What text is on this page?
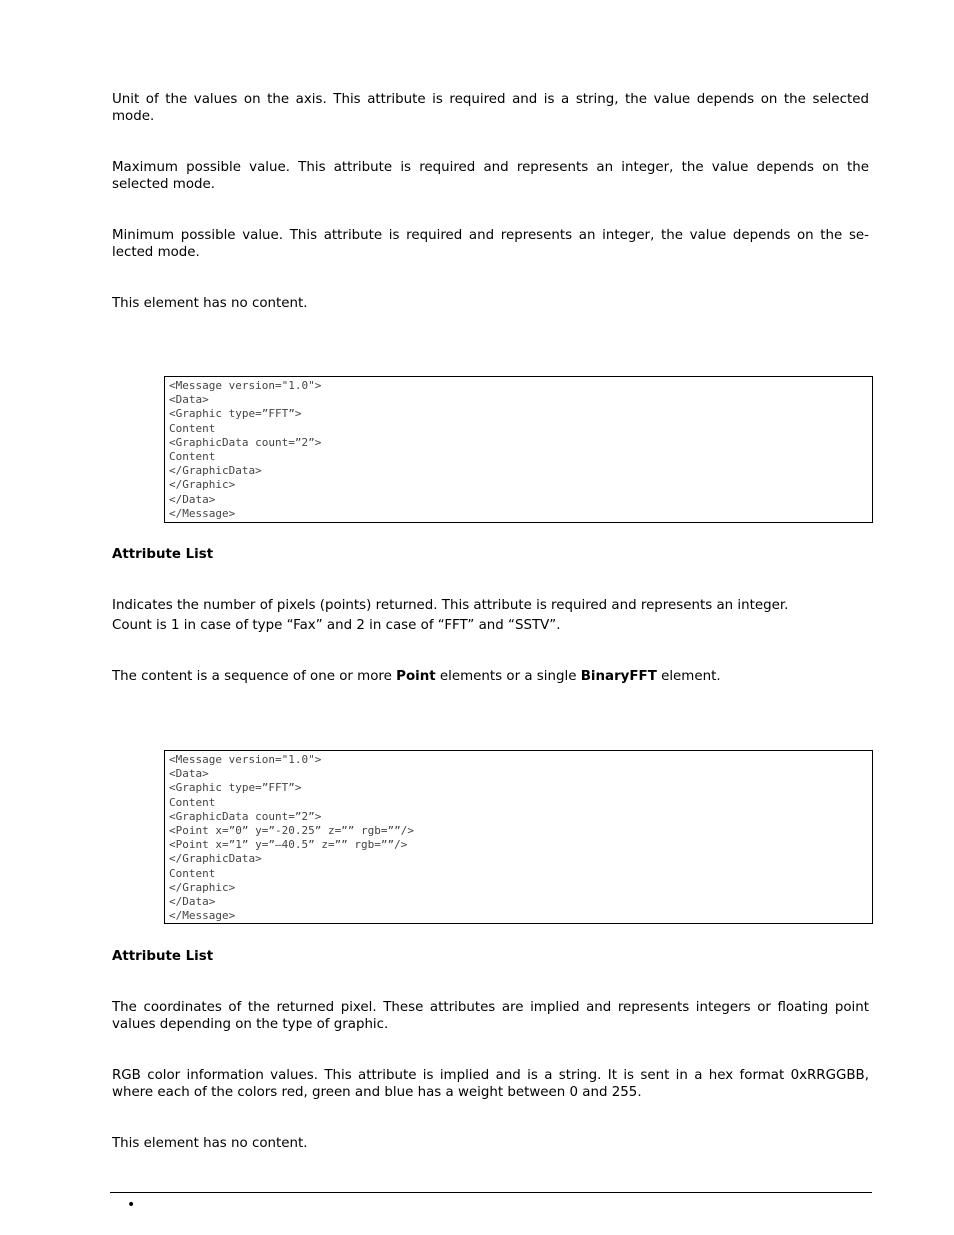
Unit of the values on the axis. This attribute is required and is a string, the value depends on the selected mode.
Maximum possible value. This attribute is required and represents an integer, the value depends on the selected mode.
Minimum possible value. This attribute is required and represents an integer, the value depends on the se- lected mode.
This element has no content.
<Message version="1.0">
<Data>
<Graphic type=”FFT”>
Content
<GraphicData count=”2”>
Content
</GraphicData>
</Graphic>
</Data>
</Message>
Attribute List
Indicates the number of pixels (points) returned. This attribute is required and represents an integer.
Count is 1 in case of type “Fax” and 2 in case of “FFT” and “SSTV”.
The content is a sequence of one or more Point elements or a single BinaryFFT element.
<Message version="1.0">
<Data>
<Graphic type=”FFT”>
Content
<GraphicData count=”2”>
<Point x=”0” y=”-20.25” z=”” rgb=””/>
<Point x=”1” y=”—40.5” z=”” rgb=””/>
</GraphicData>
Content
</Graphic>
</Data>
</Message>
Attribute List
The coordinates of the returned pixel. These attributes are implied and represents integers or floating point values depending on the type of graphic.
RGB color information values. This attribute is implied and is a string. It is sent in a hex format 0xRRGGBB, where each of the colors red, green and blue has a weight between 0 and 255.
This element has no content.
•
